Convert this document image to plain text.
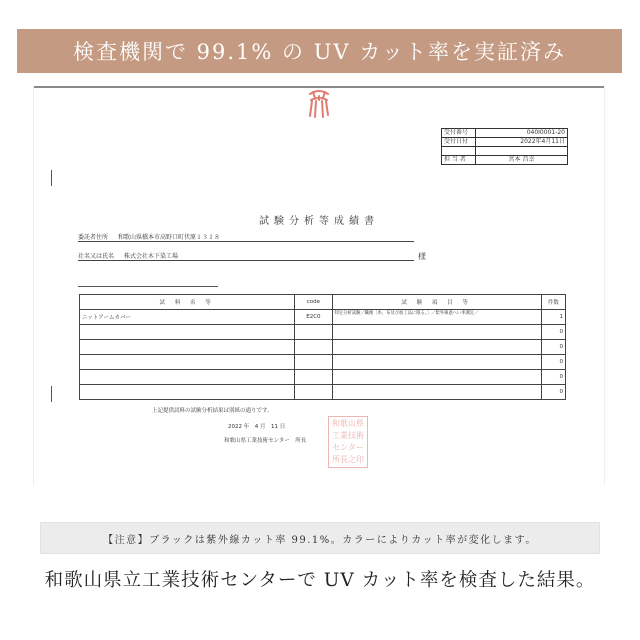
検査機関で 99.1% の UV カット率を実証済み
受付番号	040I0001-20
受付日付	2022年4月11日

担 当 者	宮本 昌幸
試験分析等成績書
委託者住所 和歌山県橋本市高野口町伏原１３１８
社名又は氏名 株式会社木下染工場	様
試 料 名 等	code	試 験 項 目 等	件数
ニットアームカバー	E2C0	特定分析試験／繊維［糸、布及び加工品に限る。］／紫外線遮へい率測定／	1
			0
			0
			0
			0
			0
上記提供試料の試験分析結果は別紙の通りです。
2022 年　4 月　11 日
和歌山県工業技術センター　所長
和歌山県
工業技術
センター
所長之印
【注意】ブラックは紫外線カット率 99.1%。カラーによりカット率が変化します。
和歌山県立工業技術センターで UV カット率を検査した結果。
